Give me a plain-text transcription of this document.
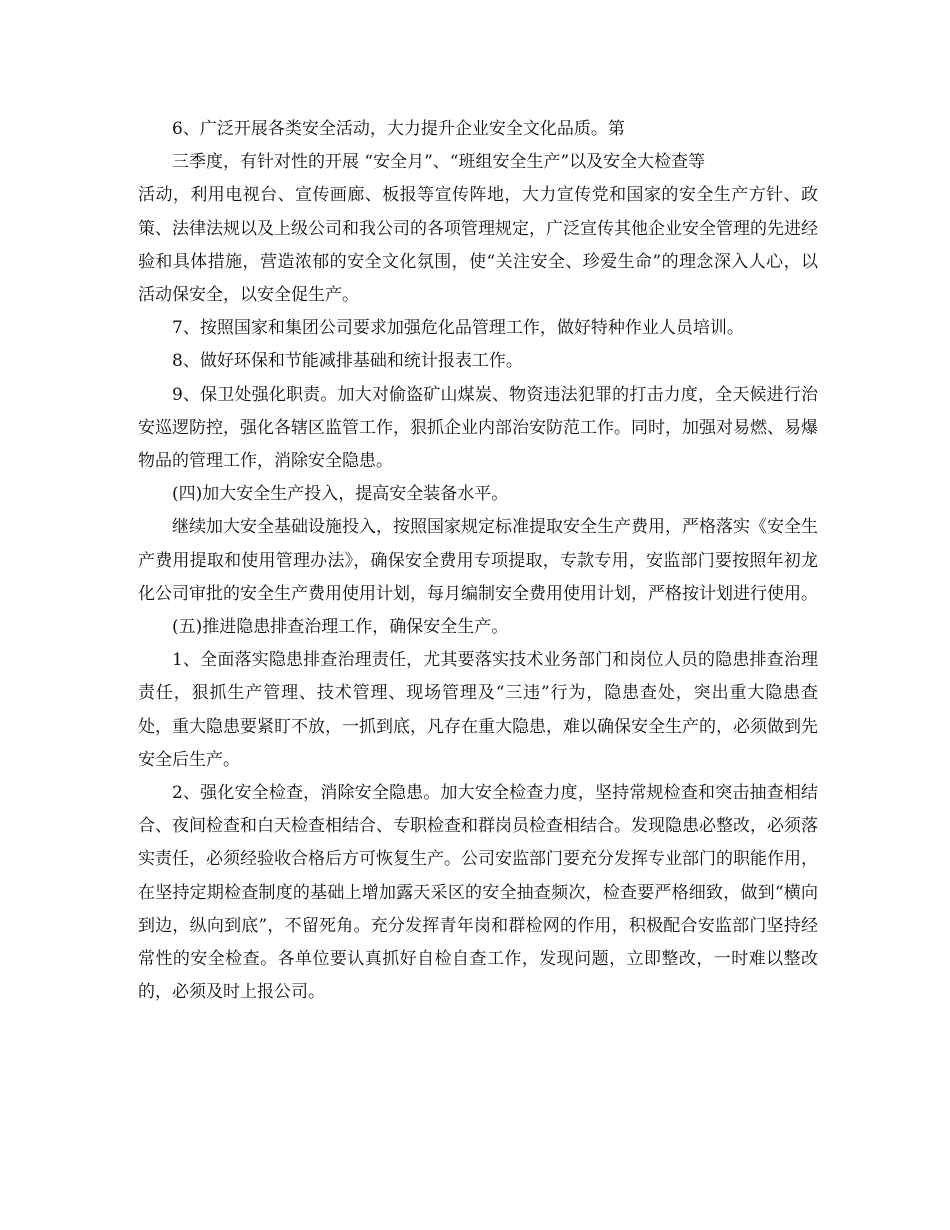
6、广泛开展各类安全活动，大力提升企业安全文化品质。第

三季度，有针对性的开展 “安全月”、“班组安全生产”以及安全大检查等

活动，利用电视台、宣传画廊、板报等宣传阵地，大力宣传党和国家的安全生产方针、政策、法律法规以及上级公司和我公司的各项管理规定，广泛宣传其他企业安全管理的先进经验和具体措施，营造浓郁的安全文化氛围，使“关注安全、珍爱生命”的理念深入人心，以活动保安全，以安全促生产。

7、按照国家和集团公司要求加强危化品管理工作，做好特种作业人员培训。

8、做好环保和节能减排基础和统计报表工作。

9、保卫处强化职责。加大对偷盗矿山煤炭、物资违法犯罪的打击力度，全天候进行治安巡逻防控，强化各辖区监管工作，狠抓企业内部治安防范工作。同时，加强对易燃、易爆物品的管理工作，消除安全隐患。

(四)加大安全生产投入，提高安全装备水平。

继续加大安全基础设施投入，按照国家规定标准提取安全生产费用，严格落实《安全生产费用提取和使用管理办法》，确保安全费用专项提取，专款专用，安监部门要按照年初龙化公司审批的安全生产费用使用计划，每月编制安全费用使用计划，严格按计划进行使用。

(五)推进隐患排查治理工作，确保安全生产。

1、全面落实隐患排查治理责任，尤其要落实技术业务部门和岗位人员的隐患排查治理责任，狠抓生产管理、技术管理、现场管理及“三违”行为，隐患查处，突出重大隐患查处，重大隐患要紧盯不放，一抓到底，凡存在重大隐患，难以确保安全生产的，必须做到先安全后生产。

2、强化安全检查，消除安全隐患。加大安全检查力度，坚持常规检查和突击抽查相结合、夜间检查和白天检查相结合、专职检查和群岗员检查相结合。发现隐患必整改，必须落实责任，必须经验收合格后方可恢复生产。公司安监部门要充分发挥专业部门的职能作用，在坚持定期检查制度的基础上增加露天采区的安全抽查频次，检查要严格细致，做到“横向到边，纵向到底”，不留死角。充分发挥青年岗和群检网的作用，积极配合安监部门坚持经常性的安全检查。各单位要认真抓好自检自查工作，发现问题，立即整改，一时难以整改的，必须及时上报公司。
